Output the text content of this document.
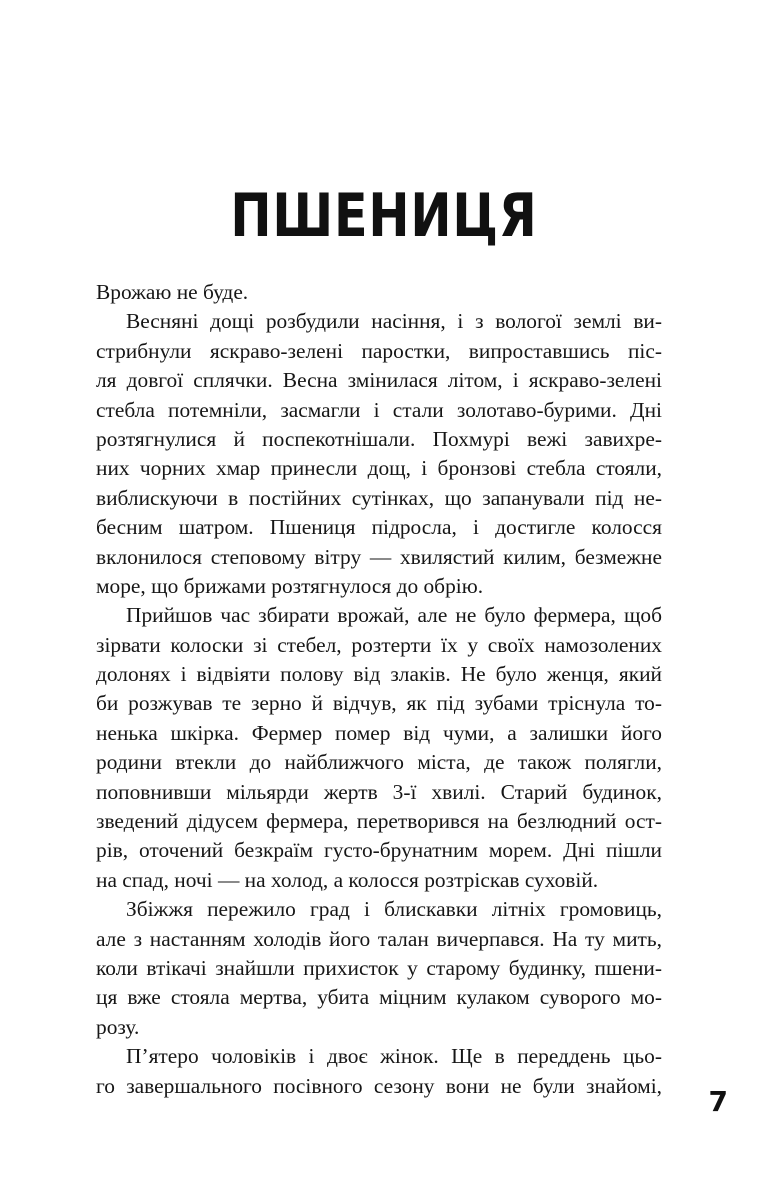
ПШЕНИЦЯ
Врожаю не буде.
Весняні дощі розбудили насіння, і з вологої землі ви-
стрибнули яскраво-зелені паростки, випроставшись піс-
ля довгої сплячки. Весна змінилася літом, і яскраво-зелені
стебла потемніли, засмагли і стали золотаво-бурими. Дні
розтягнулися й поспекотнішали. Похмурі вежі завихре-
них чорних хмар принесли дощ, і бронзові стебла стояли,
виблискуючи в постійних сутінках, що запанували під не-
бесним шатром. Пшениця підросла, і достигле колосся
вклонилося степовому вітру — хвилястий килим, безмежне
море, що брижами розтягнулося до обрію.
Прийшов час збирати врожай, але не було фермера, щоб
зірвати колоски зі стебел, розтерти їх у своїх намозолених
долонях і відвіяти полову від злаків. Не було женця, який
би розжував те зерно й відчув, як під зубами тріснула то-
ненька шкірка. Фермер помер від чуми, а залишки його
родини втекли до найближчого міста, де також полягли,
поповнивши мільярди жертв 3-ї хвилі. Старий будинок,
зведений дідусем фермера, перетворився на безлюдний ост-
рів, оточений безкраїм густо-брунатним морем. Дні пішли
на спад, ночі — на холод, а колосся розтріскав суховій.
Збіжжя пережило град і блискавки літніх громовиць,
але з настанням холодів його талан вичерпався. На ту мить,
коли втікачі знайшли прихисток у старому будинку, пшени-
ця вже стояла мертва, убита міцним кулаком суворого мо-
розу.
П’ятеро чоловіків і двоє жінок. Ще в переддень цьо-
го завершального посівного сезону вони не були знайомі,	7
